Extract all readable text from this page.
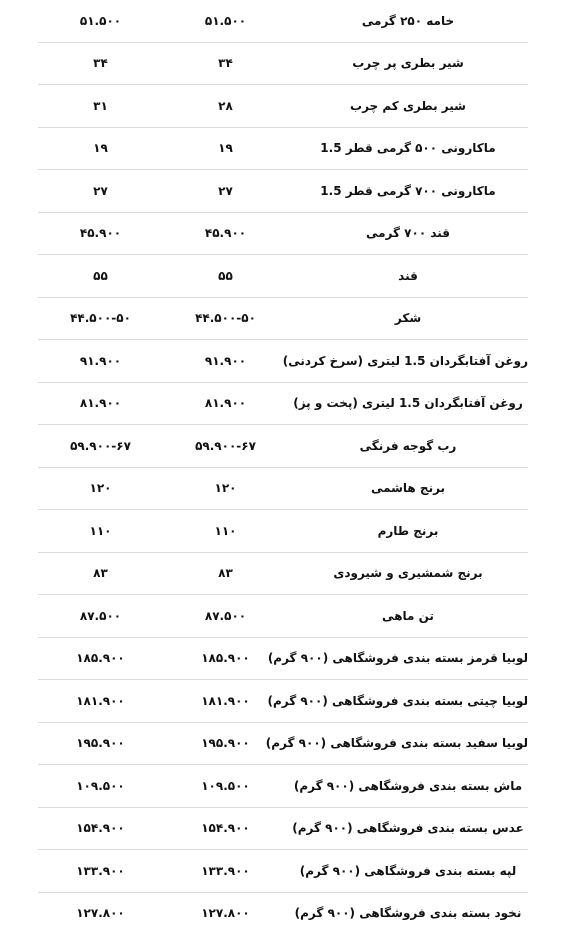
۵۱.۵۰۰	۵۱.۵۰۰	خامه ۲۵۰ گرمی
۳۴	۳۴	شیر بطری پر چرب
۳۱	۲۸	شیر بطری کم چرب
۱۹	۱۹	ماکارونی ۵۰۰ گرمی قطر 1.5
۲۷	۲۷	ماکارونی ۷۰۰ گرمی قطر 1.5
۴۵.۹۰۰	۴۵.۹۰۰	قند ۷۰۰ گرمی
۵۵	۵۵	قند
۴۴.۵۰۰-۵۰	۴۴.۵۰۰-۵۰	شکر
۹۱.۹۰۰	۹۱.۹۰۰	روغن آفتابگردان 1.5 لیتری (سرخ کردنی)
۸۱.۹۰۰	۸۱.۹۰۰	روغن آفتابگردان 1.5 لیتری (پخت و پز)
۵۹.۹۰۰-۶۷	۵۹.۹۰۰-۶۷	رب گوجه فرنگی
۱۲۰	۱۲۰	برنج هاشمی
۱۱۰	۱۱۰	برنج طارم
۸۳	۸۳	برنج شمشیری و شیرودی
۸۷.۵۰۰	۸۷.۵۰۰	تن ماهی
۱۸۵.۹۰۰	۱۸۵.۹۰۰	لوبیا قرمز بسته بندی فروشگاهی (۹۰۰ گرم)
۱۸۱.۹۰۰	۱۸۱.۹۰۰	لوبیا چیتی بسته بندی فروشگاهی (۹۰۰ گرم)
۱۹۵.۹۰۰	۱۹۵.۹۰۰	لوبیا سفید بسته بندی فروشگاهی (۹۰۰ گرم)
۱۰۹.۵۰۰	۱۰۹.۵۰۰	ماش بسته بندی فروشگاهی (۹۰۰ گرم)
۱۵۴.۹۰۰	۱۵۴.۹۰۰	عدس بسته بندی فروشگاهی (۹۰۰ گرم)
۱۳۳.۹۰۰	۱۳۳.۹۰۰	لپه بسته بندی فروشگاهی (۹۰۰ گرم)
۱۲۷.۸۰۰	۱۲۷.۸۰۰	نخود بسته بندی فروشگاهی (۹۰۰ گرم)
